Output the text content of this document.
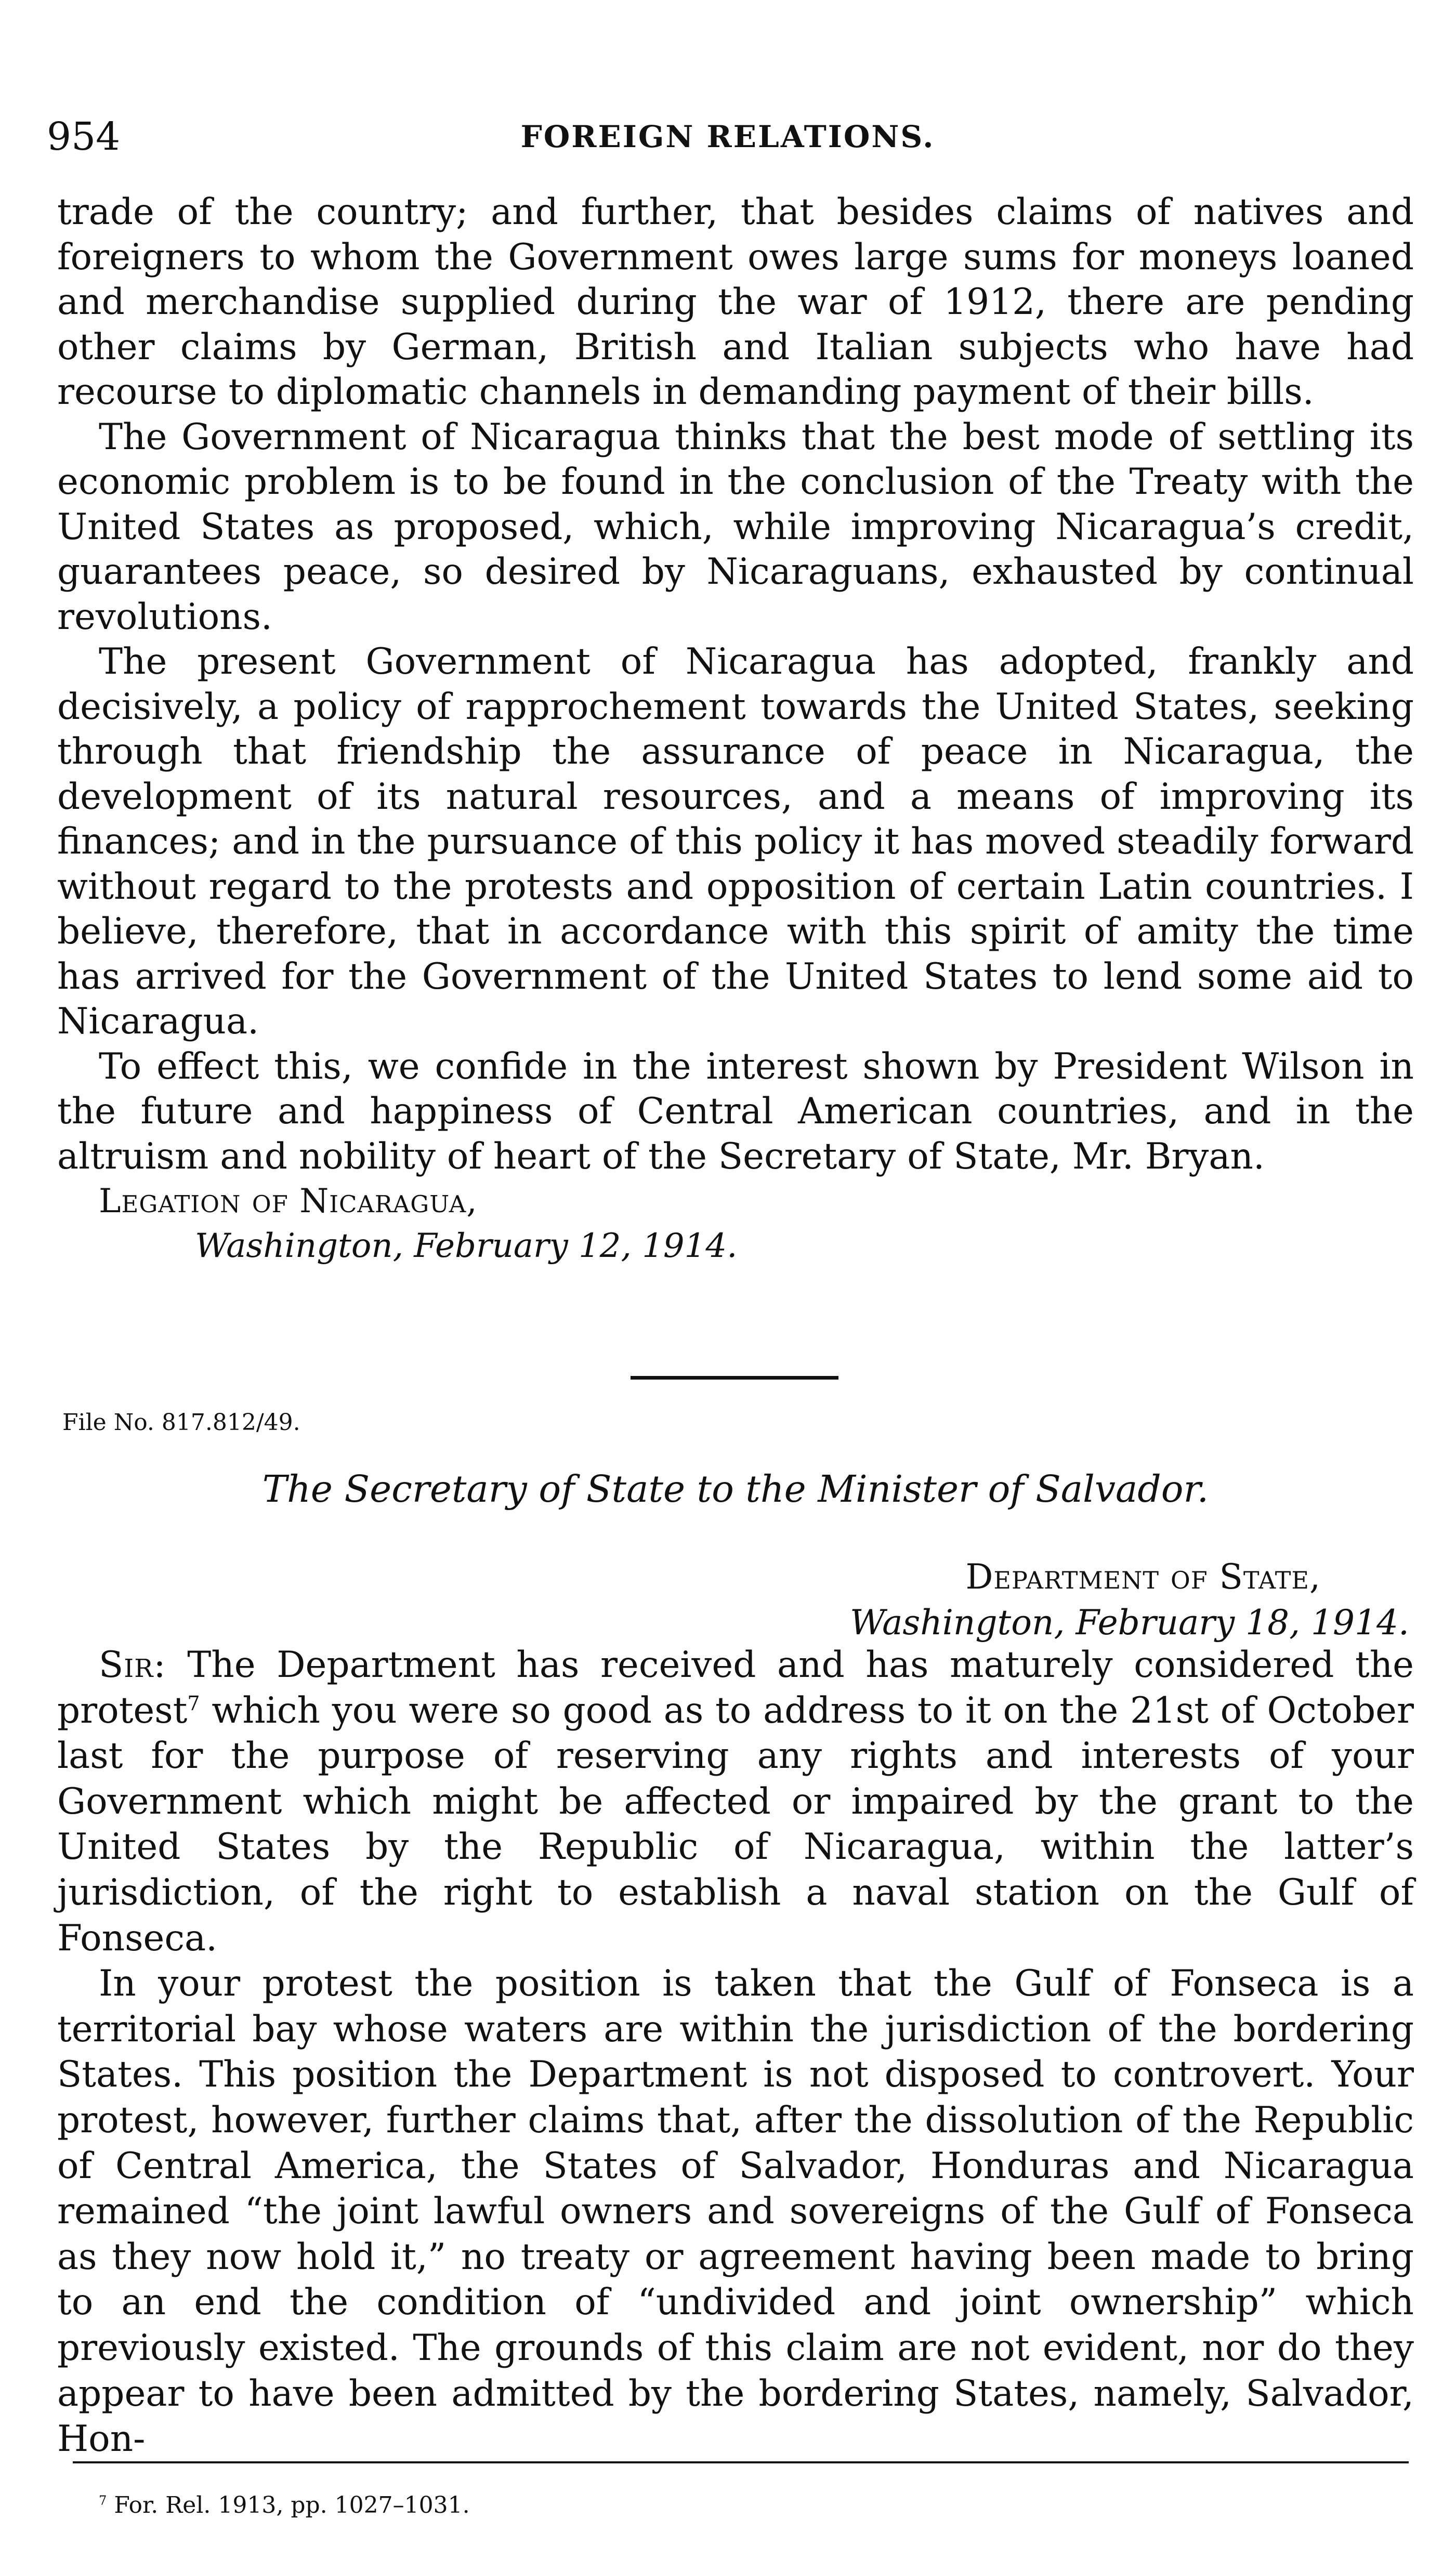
954	FOREIGN RELATIONS.

trade of the country; and further, that besides claims of natives and foreigners to whom the Government owes large sums for moneys loaned and merchandise supplied during the war of 1912, there are pending other claims by German, British and Italian subjects who have had recourse to diplomatic channels in demanding payment of their bills.

The Government of Nicaragua thinks that the best mode of settling its economic problem is to be found in the conclusion of the Treaty with the United States as proposed, which, while improving Nicaragua’s credit, guarantees peace, so desired by Nicaraguans, exhausted by continual revolutions.

The present Government of Nicaragua has adopted, frankly and decisively, a policy of rapprochement towards the United States, seeking through that friendship the assurance of peace in Nicaragua, the development of its natural resources, and a means of improving its finances; and in the pursuance of this policy it has moved steadily forward without regard to the protests and opposition of certain Latin countries. I believe, therefore, that in accordance with this spirit of amity the time has arrived for the Government of the United States to lend some aid to Nicaragua.

To effect this, we confide in the interest shown by President Wilson in the future and happiness of Central American countries, and in the altruism and nobility of heart of the Secretary of State, Mr. Bryan.

Legation of Nicaragua,

Washington, February 12, 1914.

File No. 817.812/49.
The Secretary of State to the Minister of Salvador.
Department of State,
Washington, February 18, 1914.

Sir: The Department has received and has maturely considered the protest$^7$ which you were so good as to address to it on the 21st of October last for the purpose of reserving any rights and interests of your Government which might be affected or impaired by the grant to the United States by the Republic of Nicaragua, within the latter’s jurisdiction, of the right to establish a naval station on the Gulf of Fonseca.

In your protest the position is taken that the Gulf of Fonseca is a territorial bay whose waters are within the jurisdiction of the bordering States. This position the Department is not disposed to controvert. Your protest, however, further claims that, after the dissolution of the Republic of Central America, the States of Salvador, Honduras and Nicaragua remained “the joint lawful owners and sovereigns of the Gulf of Fonseca as they now hold it,” no treaty or agreement having been made to bring to an end the condition of “undivided and joint ownership” which previously existed. The grounds of this claim are not evident, nor do they appear to have been admitted by the bordering States, namely, Salvador, Hon-

$^7$ For. Rel. 1913, pp. 1027–1031.
